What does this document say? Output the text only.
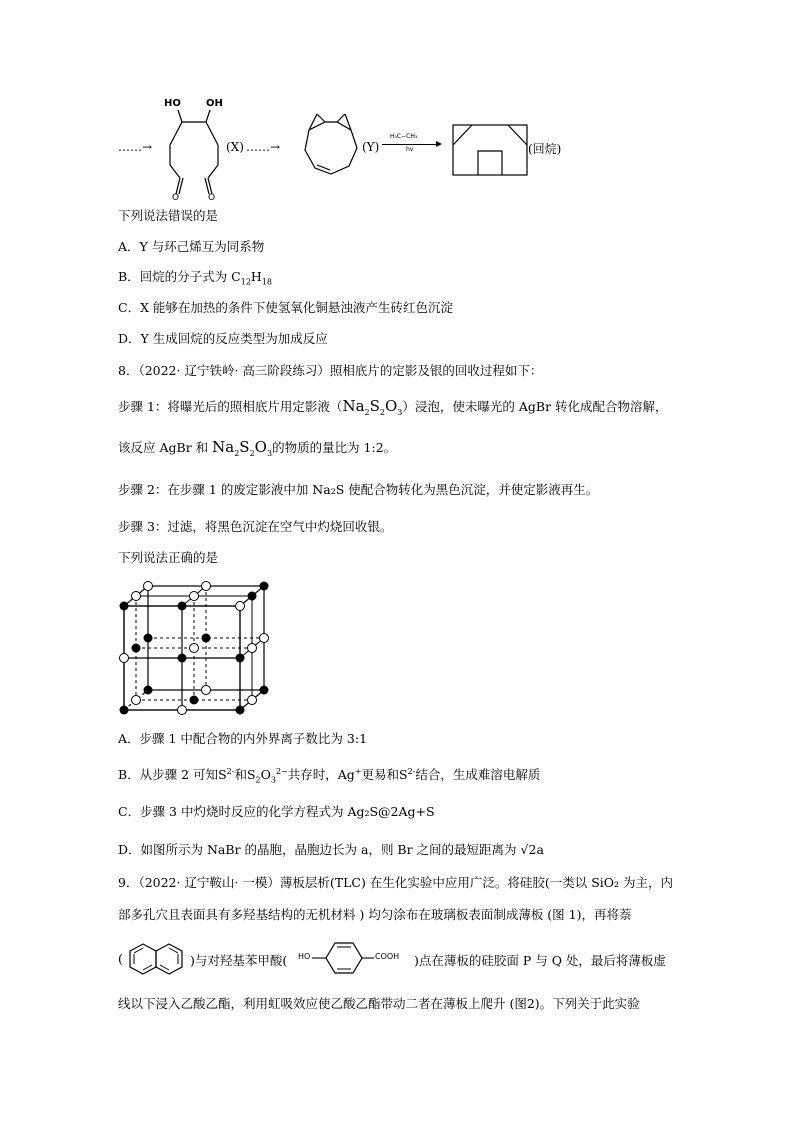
……→
HO	OH
O	O
(X) ……→	(Y)
H₃C−CH₃
hv	(回烷)
下列说法错误的是
A．Y 与环己烯互为同系物
B．回烷的分子式为 $C_{12}H_{18}$
C．X 能够在加热的条件下使氢氧化铜悬浊液产生砖红色沉淀
D．Y 生成回烷的反应类型为加成反应
8．（2022· 辽宁铁岭· 高三阶段练习）照相底片的定影及银的回收过程如下：
步骤 1：将曝光后的照相底片用定影液$(Na_2S_2O_3)$浸泡，使未曝光的 AgBr 转化成配合物溶解，
该反应 AgBr 和 $Na_2S_2O_3$的物质的量比为 1:2。
步骤 2：在步骤 1 的废定影液中加 Na₂S 使配合物转化为黑色沉淀，并使定影液再生。
步骤 3：过滤，将黑色沉淀在空气中灼烧回收银。
下列说法正确的是
A．步骤 1 中配合物的内外界离子数比为 3:1
B．从步骤 2 可知$S^{2-}$和$S_2O_3^{2-}$共存时，Ag+更易和$S^{2-}$结合，生成难溶电解质
C．步骤 3 中灼烧时反应的化学方程式为 Ag₂S@2Ag+S
D．如图所示为 NaBr 的晶胞，晶胞边长为 a，则 Br 之间的最短距离为 √2a
9．（2022· 辽宁鞍山· 一模）薄板层析(TLC) 在生化实验中应用广泛。将硅胶(一类以 SiO₂ 为主，内
部多孔穴且表面具有多羟基结构的无机材料 ) 均匀涂布在玻璃板表面制成薄板 (图 1)，再将萘
(	)与对羟基苯甲酸( HO	COOH )点在薄板的硅胶面 P 与 Q 处，最后将薄板虚
线以下浸入乙酸乙酯，利用虹吸效应使乙酸乙酯带动二者在薄板上爬升 (图2)。下列关于此实验
